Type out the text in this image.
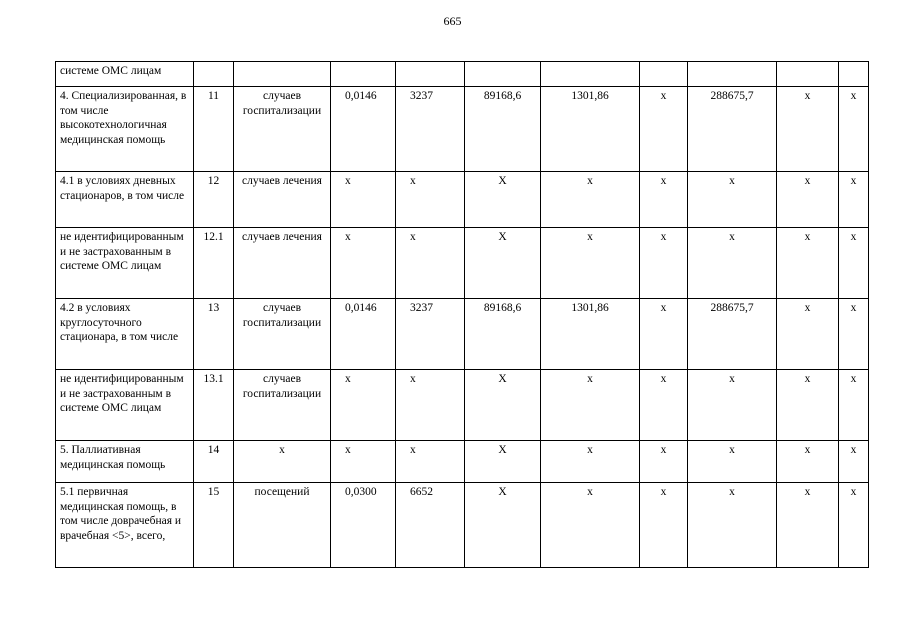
665
системе ОМС лицам										
4. Специализированная, в том числе высокотехнологичная медицинская помощь	11	случаев госпитализации	0,0146	3237	89168,6	1301,86	х	288675,7	х	х
4.1 в условиях дневных стационаров, в том числе	12	случаев лечения	х	х	Х	х	х	х	х	х
не идентифицированным и не застрахованным в системе ОМС лицам	12.1	случаев лечения	х	х	Х	х	х	х	х	х
4.2 в условиях круглосуточного стационара, в том числе	13	случаев госпитализации	0,0146	3237	89168,6	1301,86	х	288675,7	х	х
не идентифицированным и не застрахованным в системе ОМС лицам	13.1	случаев госпитализации	х	х	Х	х	х	х	х	х
5. Паллиативная медицинская помощь	14	х	х	х	Х	х	х	х	х	х
5.1 первичная медицинская помощь, в том числе доврачебная и врачебная <5>, всего,	15	посещений	0,0300	6652	Х	х	х	х	х	х
